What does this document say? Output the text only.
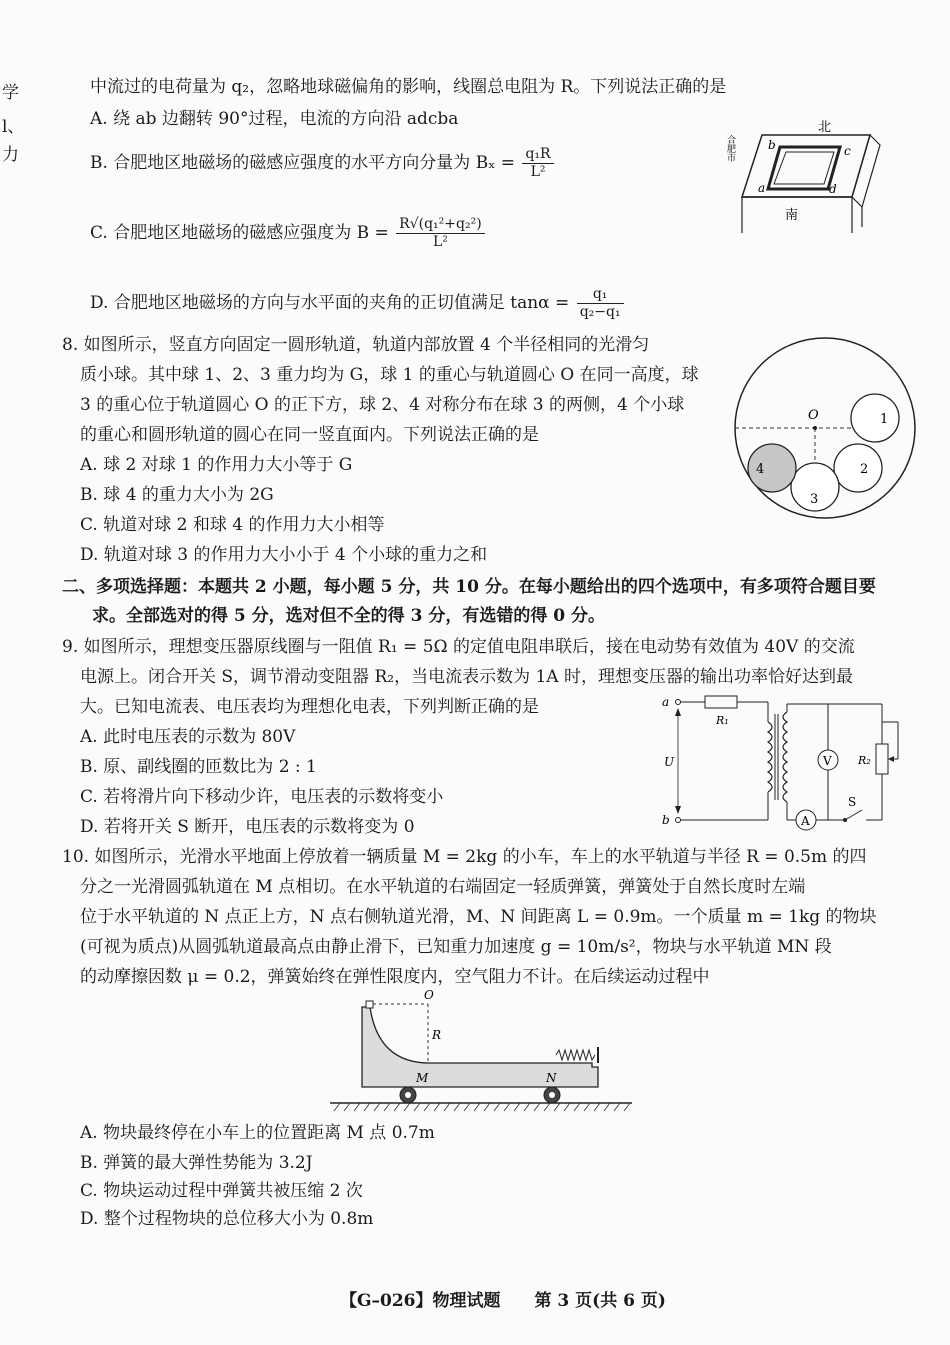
学
l、
力
中流过的电荷量为 q₂，忽略地球磁偏角的影响，线圈总电阻为 R。下列说法正确的是
A. 绕 ab 边翻转 90°过程，电流的方向沿 adcba
B. 合肥地区地磁场的磁感应强度的水平方向分量为 $B_x = \frac{\text{q₁R}}{\text{L²}}$
C. 合肥地区地磁场的磁感应强度为 $B = \frac{\text{R√(q₁²+q₂²)}}{\text{L²}}$
D. 合肥地区地磁场的方向与水平面的夹角的正切值满足 $\tan\alpha = \frac{\text{q₁}}{\text{q₂−q₁}}$
北
南
合肥市	b	c
a	d
8. 如图所示，竖直方向固定一圆形轨道，轨道内部放置 4 个半径相同的光滑匀
质小球。其中球 1、2、3 重力均为 G，球 1 的重心与轨道圆心 O 在同一高度，球
3 的重心位于轨道圆心 O 的正下方，球 2、4 对称分布在球 3 的两侧，4 个小球
的重心和圆形轨道的圆心在同一竖直面内。下列说法正确的是
A. 球 2 对球 1 的作用力大小等于 G
B. 球 4 的重力大小为 2G
C. 轨道对球 2 和球 4 的作用力大小相等
D. 轨道对球 3 的作用力大小小于 4 个小球的重力之和
O	1
2
3
4
二、多项选择题：本题共 2 小题，每小题 5 分，共 10 分。在每小题给出的四个选项中，有多项符合题目要
求。全部选对的得 5 分，选对但不全的得 3 分，有选错的得 0 分。
9. 如图所示，理想变压器原线圈与一阻值 R₁ = 5Ω 的定值电阻串联后，接在电动势有效值为 40V 的交流
电源上。闭合开关 S，调节滑动变阻器 R₂，当电流表示数为 1A 时，理想变压器的输出功率恰好达到最
大。已知电流表、电压表均为理想化电表，下列判断正确的是
A. 此时电压表的示数为 80V
B. 原、副线圈的匝数比为 2 : 1
C. 若将滑片向下移动少许，电压表的示数将变小
D. 若将开关 S 断开，电压表的示数将变为 0
a
b
R₁
U
A
S
V R₂
10. 如图所示，光滑水平地面上停放着一辆质量 M = 2kg 的小车，车上的水平轨道与半径 R = 0.5m 的四
分之一光滑圆弧轨道在 M 点相切。在水平轨道的右端固定一轻质弹簧，弹簧处于自然长度时左端
位于水平轨道的 N 点正上方，N 点右侧轨道光滑，M、N 间距离 L = 0.9m。一个质量 m = 1kg 的物块
(可视为质点)从圆弧轨道最高点由静止滑下，已知重力加速度 g = 10m/s²，物块与水平轨道 MN 段
的动摩擦因数 μ = 0.2，弹簧始终在弹性限度内，空气阻力不计。在后续运动过程中
O
R
M	N
A. 物块最终停在小车上的位置距离 M 点 0.7m
B. 弹簧的最大弹性势能为 3.2J
C. 物块运动过程中弹簧共被压缩 2 次
D. 整个过程物块的总位移大小为 0.8m
【G–026】物理试题　　第 3 页(共 6 页)
